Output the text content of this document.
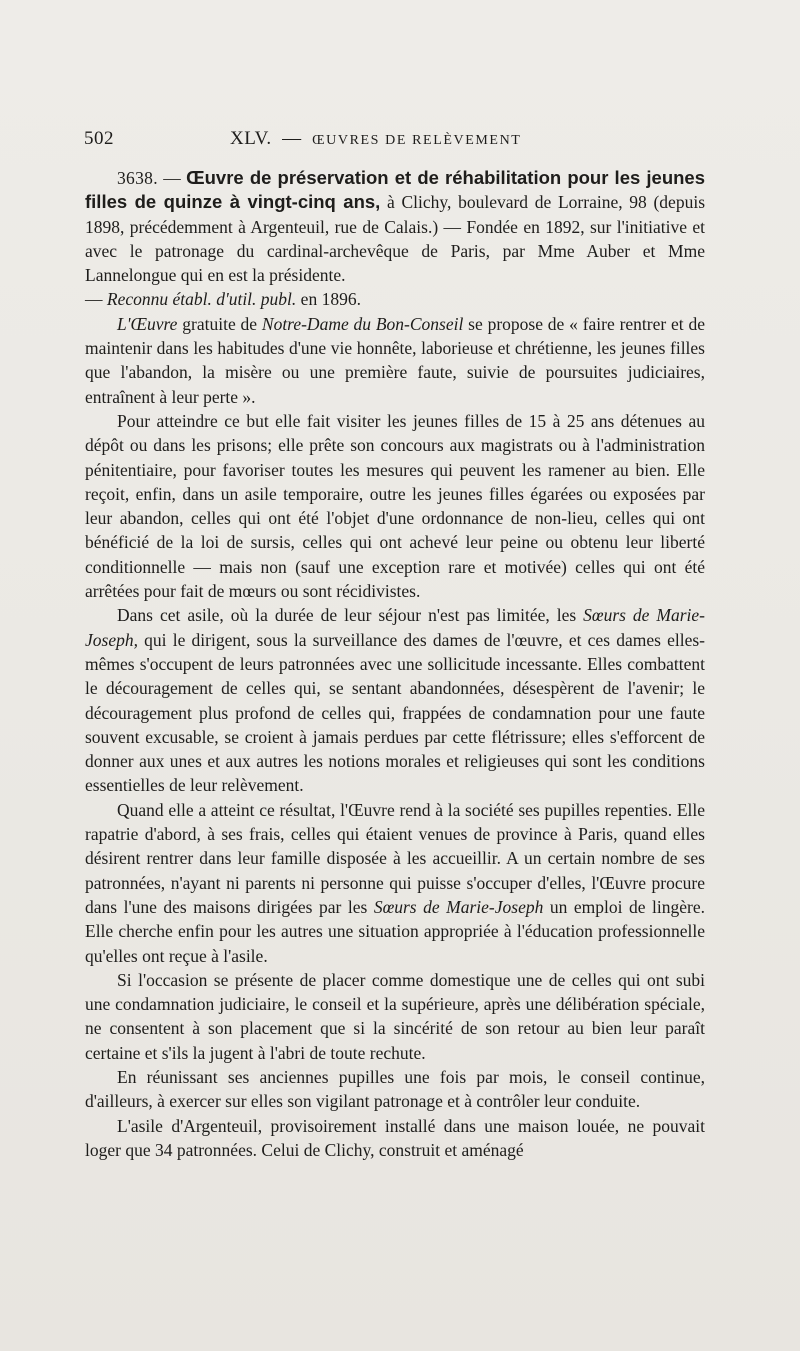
502	XLV. — ŒUVRES DE RELÈVEMENT

3638. — Œuvre de préservation et de réhabilitation pour les jeunes filles de quinze à vingt-cinq ans, à Clichy, boulevard de Lorraine, 98 (depuis 1898, précédemment à Argenteuil, rue de Calais.) — Fondée en 1892, sur l'initiative et avec le patronage du cardinal-archevêque de Paris, par Mme Auber et Mme Lannelongue qui en est la présidente.
— Reconnu établ. d'util. publ. en 1896.

L'Œuvre gratuite de Notre-Dame du Bon-Conseil se propose de « faire rentrer et de maintenir dans les habitudes d'une vie honnête, laborieuse et chrétienne, les jeunes filles que l'abandon, la misère ou une première faute, suivie de poursuites judiciaires, entraînent à leur perte ».

Pour atteindre ce but elle fait visiter les jeunes filles de 15 à 25 ans détenues au dépôt ou dans les prisons; elle prête son concours aux magistrats ou à l'administration pénitentiaire, pour favoriser toutes les mesures qui peuvent les ramener au bien. Elle reçoit, enfin, dans un asile temporaire, outre les jeunes filles égarées ou exposées par leur abandon, celles qui ont été l'objet d'une ordonnance de non-lieu, celles qui ont bénéficié de la loi de sursis, celles qui ont achevé leur peine ou obtenu leur liberté conditionnelle — mais non (sauf une exception rare et motivée) celles qui ont été arrêtées pour fait de mœurs ou sont récidivistes.

Dans cet asile, où la durée de leur séjour n'est pas limitée, les Sœurs de Marie-Joseph, qui le dirigent, sous la surveillance des dames de l'œuvre, et ces dames elles-mêmes s'occupent de leurs patronnées avec une sollicitude incessante. Elles combattent le découragement de celles qui, se sentant abandonnées, désespèrent de l'avenir; le découragement plus profond de celles qui, frappées de condamnation pour une faute souvent excusable, se croient à jamais perdues par cette flétrissure; elles s'efforcent de donner aux unes et aux autres les notions morales et religieuses qui sont les conditions essentielles de leur relèvement.

Quand elle a atteint ce résultat, l'Œuvre rend à la société ses pupilles repenties. Elle rapatrie d'abord, à ses frais, celles qui étaient venues de province à Paris, quand elles désirent rentrer dans leur famille disposée à les accueillir. A un certain nombre de ses patronnées, n'ayant ni parents ni personne qui puisse s'occuper d'elles, l'Œuvre procure dans l'une des maisons dirigées par les Sœurs de Marie-Joseph un emploi de lingère. Elle cherche enfin pour les autres une situation appropriée à l'éducation professionnelle qu'elles ont reçue à l'asile.

Si l'occasion se présente de placer comme domestique une de celles qui ont subi une condamnation judiciaire, le conseil et la supérieure, après une délibération spéciale, ne consentent à son placement que si la sincérité de son retour au bien leur paraît certaine et s'ils la jugent à l'abri de toute rechute.

En réunissant ses anciennes pupilles une fois par mois, le conseil continue, d'ailleurs, à exercer sur elles son vigilant patronage et à contrôler leur conduite.

L'asile d'Argenteuil, provisoirement installé dans une maison louée, ne pouvait loger que 34 patronnées. Celui de Clichy, construit et aménagé
